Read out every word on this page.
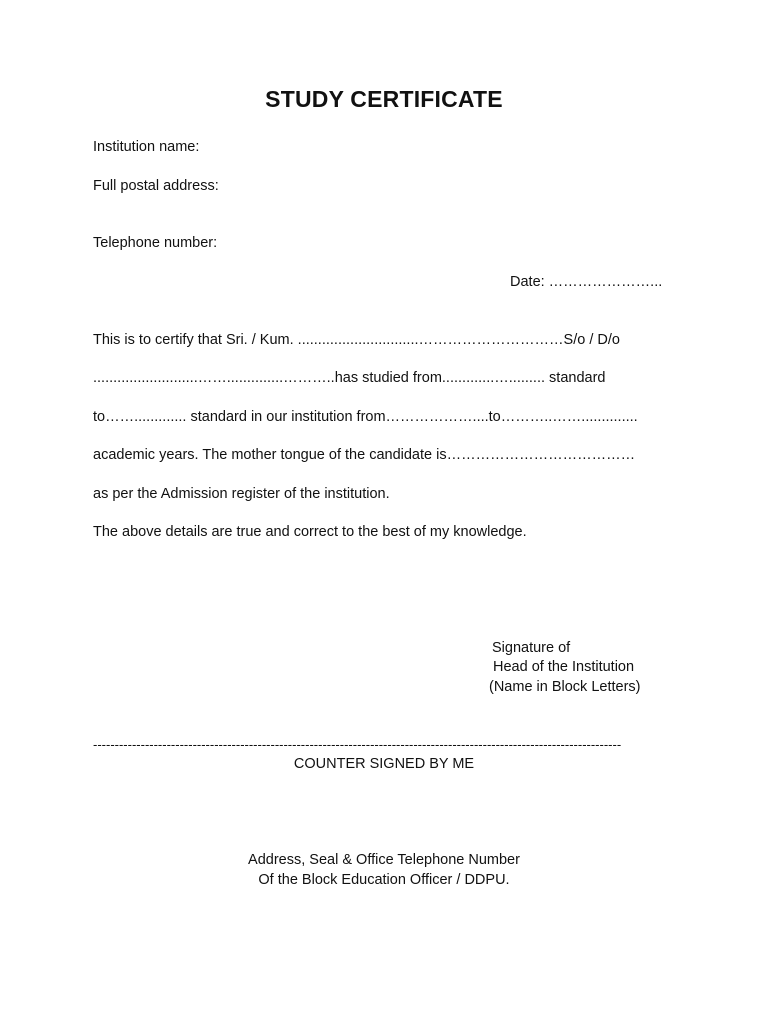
STUDY CERTIFICATE
Institution name:
Full postal address:
Telephone number:
Date: …………………...
This is to certify that Sri. / Kum. ..............................…………………………S/o / D/o
..........................……..............………..has studied from.............…......... standard
to……............. standard in our institution from………………....to………..……..............
academic years. The mother tongue of the candidate is…………………………………
as per the Admission register of the institution.
The above details are true and correct to the best of my knowledge.
Signature of
Head of the Institution
(Name in Block Letters)
--------------------------------------------------------------------------------------------------------------------------
COUNTER SIGNED BY ME
Address, Seal & Office Telephone Number
Of the Block Education Officer / DDPU.
